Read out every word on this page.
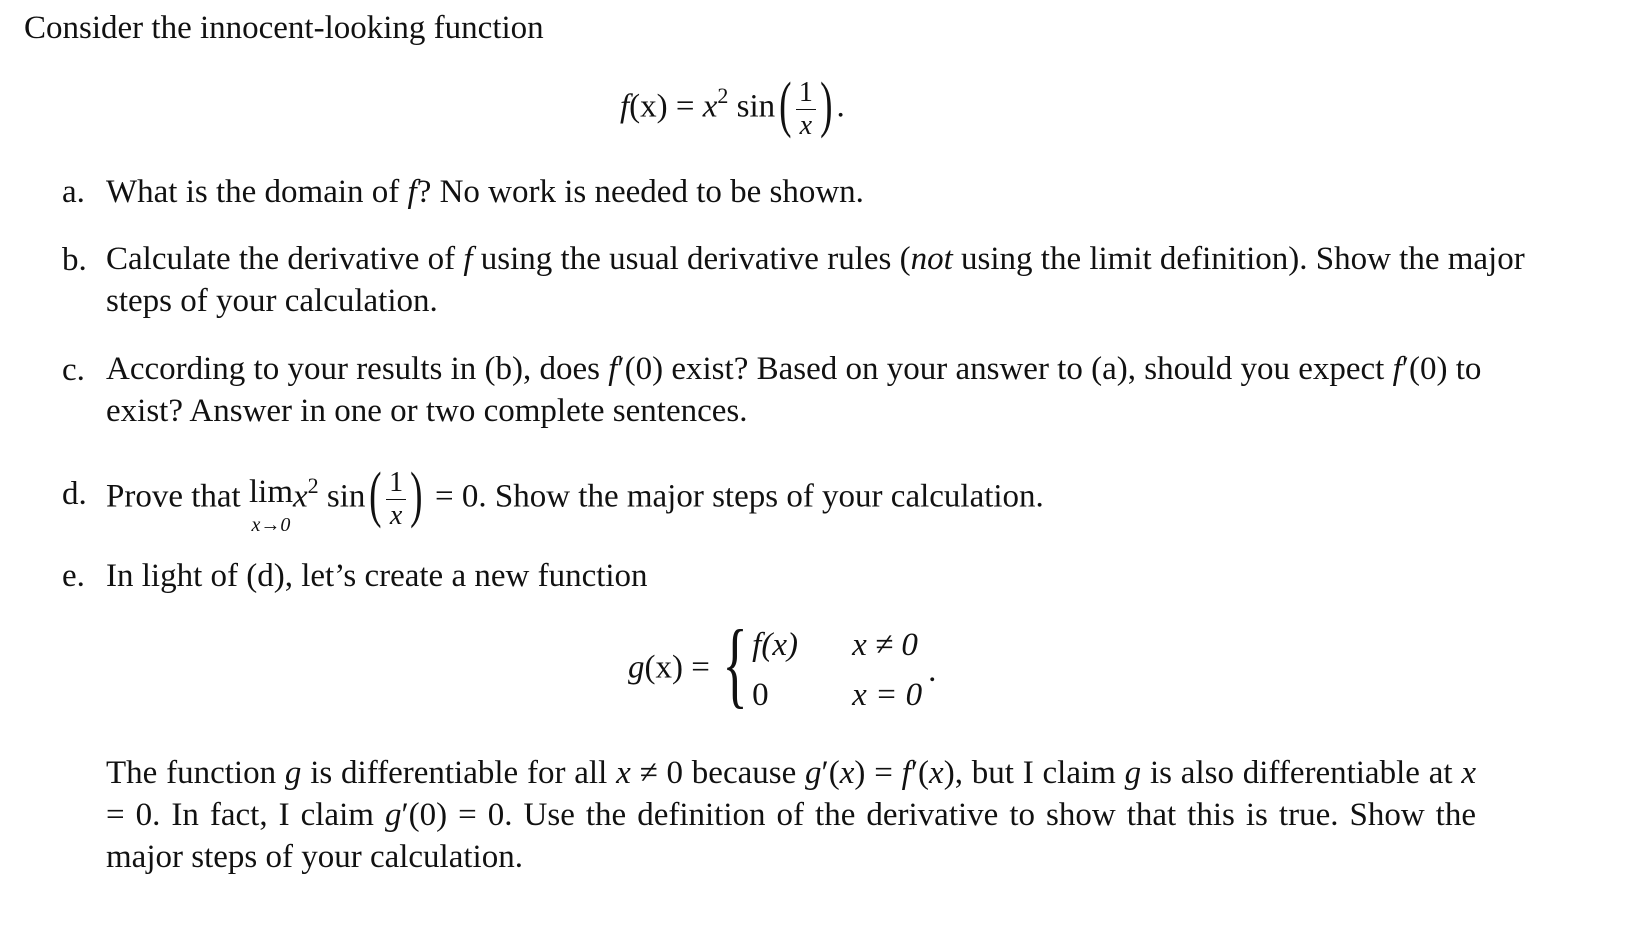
Consider the innocent-looking function
$f(x) = x^2$ $\sin( \frac{1}{x}$ ) .
a. What is the domain of f? No work is needed to be shown.
b. Calculate the derivative of f using the usual derivative rules (not using the limit definition). Show the major steps of your calculation.
c. According to your results in (b), does f′(0) exist? Based on your answer to (a), should you expect f′(0) to exist? Answer in one or two complete sentences.
d. Prove that lim
x→0
$x^2$ $\sin( \frac{1}{x}$ ) = 0. Show the major steps of your calculation.
e. In light of (d), let’s create a new function
g(x) = { f(x) x ≠ 0
0	x = 0.
The function g is differentiable for all x ≠ 0 because g′(x) = f′(x), but I claim g is also differentiable at x = 0. In fact, I claim g′(0) = 0. Use the definition of the derivative to show that this is true. Show the major steps of your calculation.
